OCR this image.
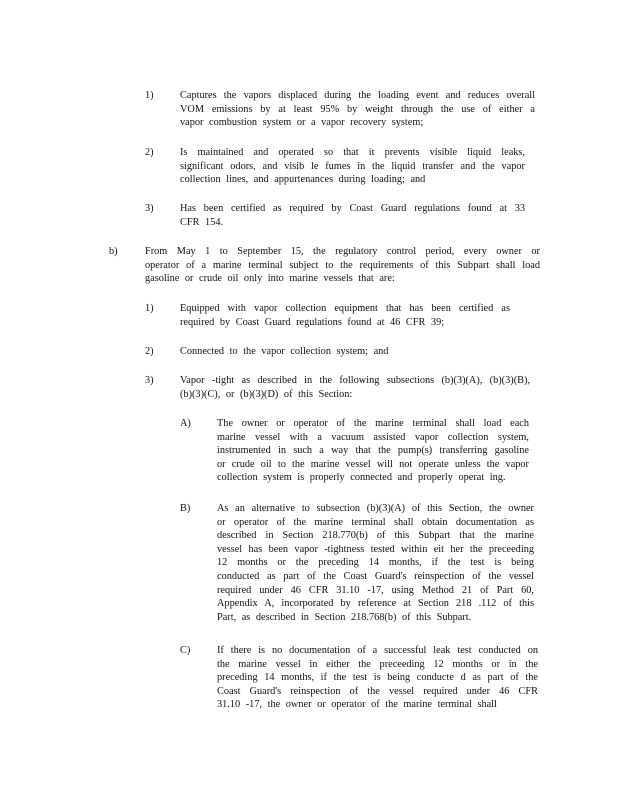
1)	Captures the vapors displaced during the loading event and reduces overall
VOM emissions by at least 95% by weight through the use of either a
vapor combustion system or a vapor recovery system;
2)	Is maintained and operated so that it prevents visible liquid leaks,
significant odors, and visib le fumes in the liquid transfer and the vapor
collection lines, and appurtenances during loading; and
3)	Has been certified as required by Coast Guard regulations found at 33
CFR 154.
b)	From May 1 to September 15, the regulatory control period, every owner or
operator of a marine terminal subject to the requirements of this Subpart shall load
gasoline or crude oil only into marine vessels that are:
1)	Equipped with vapor collection equipment that has been certified as
required by Coast Guard regulations found at 46 CFR 39;
2)	Connected to the vapor collection system; and
3)	Vapor -tight as described in the following subsections (b)(3)(A), (b)(3)(B),
(b)(3)(C), or (b)(3)(D) of this Section:
A)	The owner or operator of the marine terminal shall load each
marine vessel with a vacuum assisted vapor collection system,
instrumented in such a way that the pump(s) transferring gasoline
or crude oil to the marine vessel will not operate unless the vapor
collection system is properly connected and properly operat ing.
B)	As an alternative to subsection (b)(3)(A) of this Section, the owner
or operator of the marine terminal shall obtain documentation as
described in Section 218.770(b) of this Subpart that the marine
vessel has been vapor -tightness tested within eit her the preceeding
12 months or the preceding 14 months, if the test is being
conducted as part of the Coast Guard's reinspection of the vessel
required under 46 CFR 31.10 -17, using Method 21 of Part 60,
Appendix A, incorporated by reference at Section 218 .112 of this
Part, as described in Section 218.768(b) of this Subpart.
C)	If there is no documentation of a successful leak test conducted on
the marine vessel in either the preceeding 12 months or in the
preceding 14 months, if the test is being conducte d as part of the
Coast Guard's reinspection of the vessel required under 46 CFR
31.10 -17, the owner or operator of the marine terminal shall
